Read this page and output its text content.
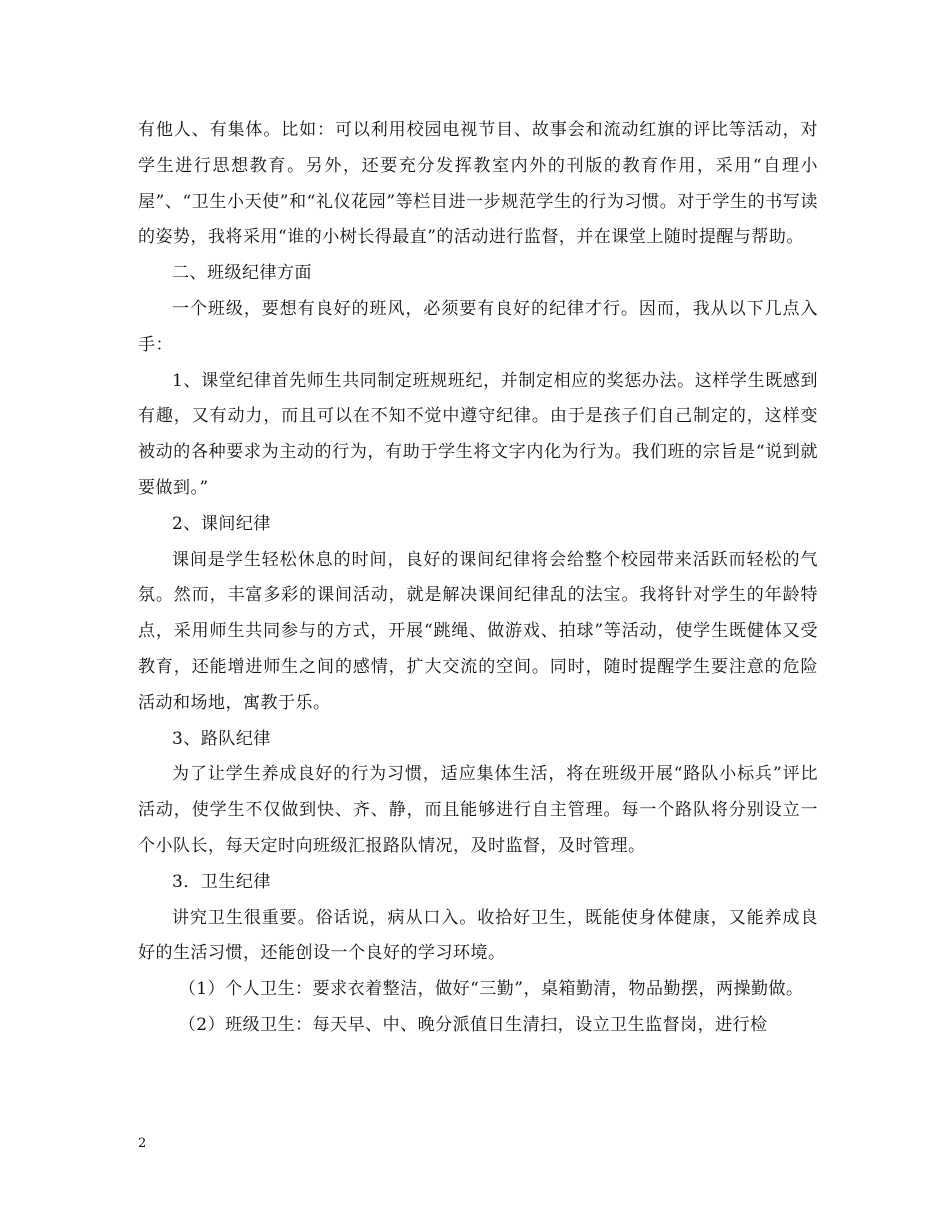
有他人、有集体。比如：可以利用校园电视节目、故事会和流动红旗的评比等活动，对学生进行思想教育。另外，还要充分发挥教室内外的刊版的教育作用，采用“自理小屋”、“卫生小天使”和“礼仪花园”等栏目进一步规范学生的行为习惯。对于学生的书写读的姿势，我将采用“谁的小树长得最直”的活动进行监督，并在课堂上随时提醒与帮助。

二、班级纪律方面

一个班级，要想有良好的班风，必须要有良好的纪律才行。因而，我从以下几点入手：

1、课堂纪律首先师生共同制定班规班纪，并制定相应的奖惩办法。这样学生既感到有趣，又有动力，而且可以在不知不觉中遵守纪律。由于是孩子们自己制定的，这样变被动的各种要求为主动的行为，有助于学生将文字内化为行为。我们班的宗旨是“说到就要做到。”

2、课间纪律

课间是学生轻松休息的时间，良好的课间纪律将会给整个校园带来活跃而轻松的气氛。然而，丰富多彩的课间活动，就是解决课间纪律乱的法宝。我将针对学生的年龄特点，采用师生共同参与的方式，开展“跳绳、做游戏、拍球”等活动，使学生既健体又受教育，还能增进师生之间的感情，扩大交流的空间。同时，随时提醒学生要注意的危险活动和场地，寓教于乐。

3、路队纪律

为了让学生养成良好的行为习惯，适应集体生活，将在班级开展“路队小标兵”评比活动，使学生不仅做到快、齐、静，而且能够进行自主管理。每一个路队将分别设立一个小队长，每天定时向班级汇报路队情况，及时监督，及时管理。

3．卫生纪律

讲究卫生很重要。俗话说，病从口入。收拾好卫生，既能使身体健康，又能养成良好的生活习惯，还能创设一个良好的学习环境。

（1）个人卫生：要求衣着整洁，做好“三勤”，桌箱勤清，物品勤摆，两操勤做。

（2）班级卫生：每天早、中、晚分派值日生清扫，设立卫生监督岗，进行检

2
